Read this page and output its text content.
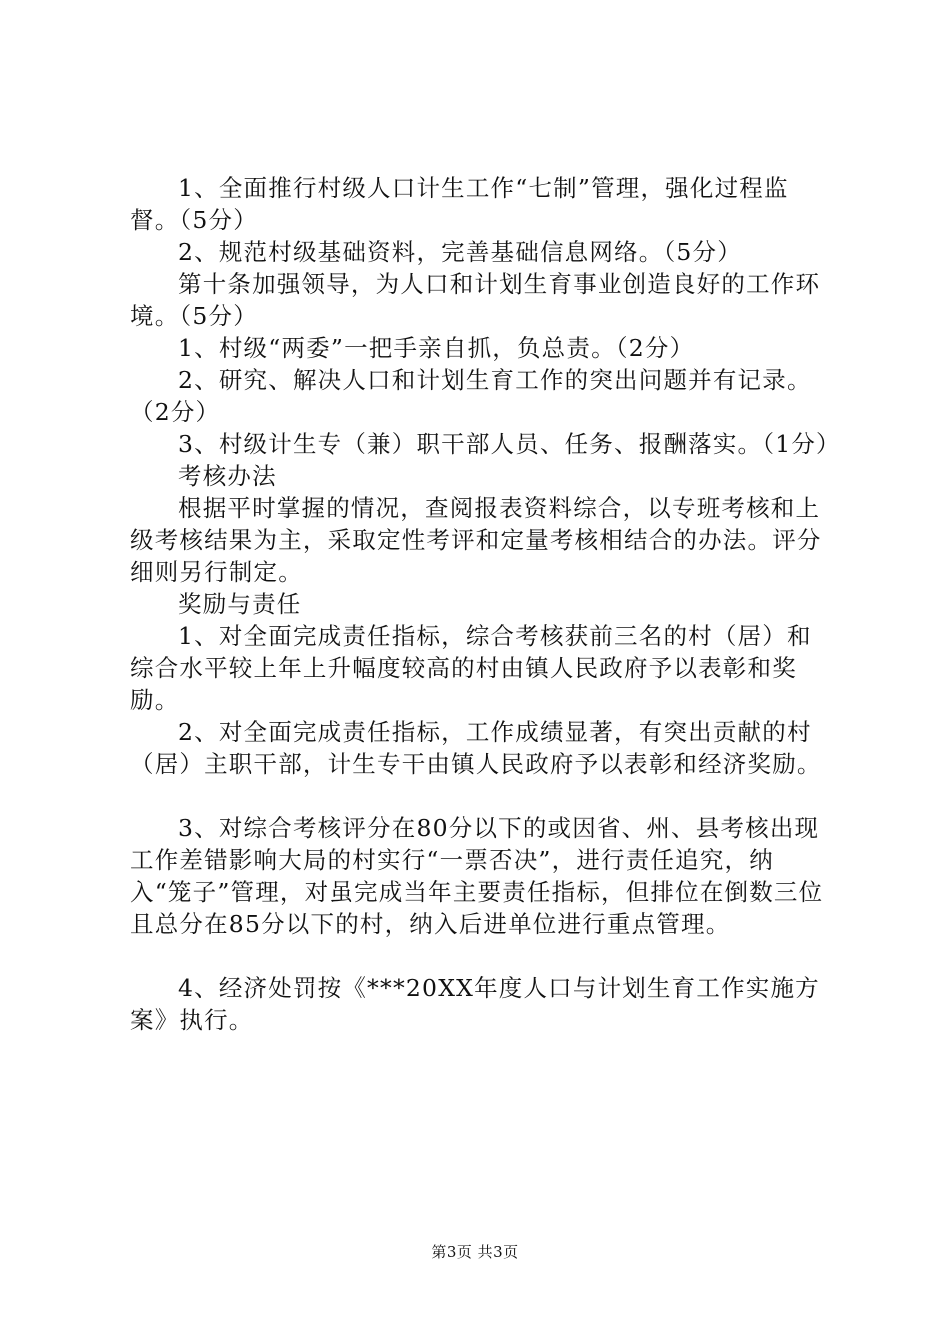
1、全面推行村级人口计生工作“七制”管理，强化过程监督。（5分）

2、规范村级基础资料，完善基础信息网络。（5分）

第十条加强领导，为人口和计划生育事业创造良好的工作环境。（5分）

1、村级“两委”一把手亲自抓，负总责。（2分）

2、研究、解决人口和计划生育工作的突出问题并有记录。（2分）

3、村级计生专（兼）职干部人员、任务、报酬落实。（1分）

考核办法

根据平时掌握的情况，查阅报表资料综合，以专班考核和上级考核结果为主，采取定性考评和定量考核相结合的办法。评分细则另行制定。

奖励与责任

1、对全面完成责任指标，综合考核获前三名的村（居）和综合水平较上年上升幅度较高的村由镇人民政府予以表彰和奖励。

2、对全面完成责任指标，工作成绩显著，有突出贡献的村（居）主职干部，计生专干由镇人民政府予以表彰和经济奖励。

3、对综合考核评分在80分以下的或因省、州、县考核出现工作差错影响大局的村实行“一票否决”，进行责任追究，纳入“笼子”管理，对虽完成当年主要责任指标，但排位在倒数三位且总分在85分以下的村，纳入后进单位进行重点管理。

4、经济处罚按《***20XX年度人口与计划生育工作实施方案》执行。

第3页 共3页
